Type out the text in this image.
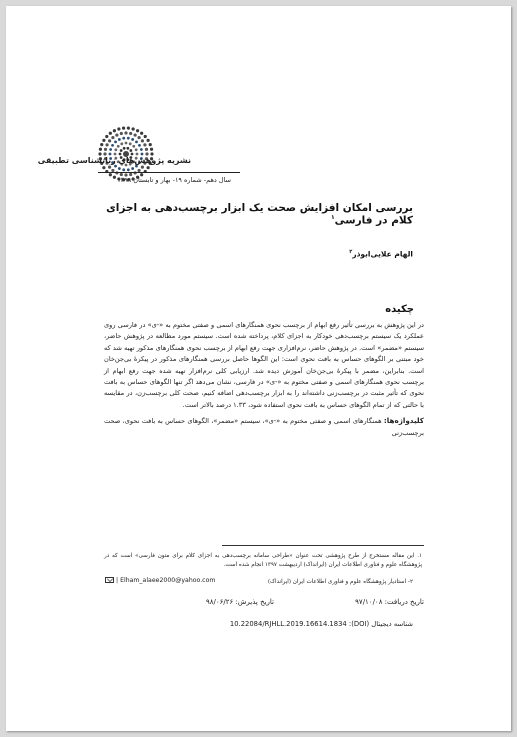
نشریه پژوهش‌های زبانشناسی تطبیقی
سال دهم- شماره ۱۹- بهار و تابستان ۱۳۹۹
بررسی امکان افزایش صحت یک ابزار برچسب‌دهی به اجزای کلام در فارسی$^۱$
الهام علایی‌ابوذر$^۲$
چکیده
در این پژوهش به بررسی تأثیر رفع ابهام از برچسب نحوی همنگارهای اسمی و صفتی مختوم به «-ی» در فارسی روی عملکرد یک سیستم برچسب‌دهی خودکار به اجزای کلام، پرداخته شده است. سیستم مورد مطالعه در پژوهش حاضر، سیستم «مضمر» است. در پژوهش حاضر، نرم‌افزاری جهت رفع ابهام از برچسب نحوی همنگارهای مذکور تهیه شد که خود مبتنی بر الگوهای حساس به بافت نحوی است: این الگوها حاصل بررسی همنگارهای مذکور در پیکرهٔ بی‌جن‌خان است. بنابراین، مضمر با پیکرهٔ بی‌جن‌خان آموزش دیده شد. ارزیابی کلی نرم‌افزار تهیه شده جهت رفع ابهام از برچسب نحوی همنگارهای اسمی و صفتی مختوم به «-ی» در فارسی، نشان می‌دهد اگر تنها الگوهای حساس به بافت نحوی که تأثیر مثبت در برچسب‌زنی داشته‌اند را به ابزار برچسب‌دهی اضافه کنیم، صحت کلی برچسب‌زن، در مقایسه با حالتی که از تمام الگوهای حساس به بافت نحوی استفاده شود، ۱.۳۳ درصد بالاتر است.
کلیدواژه‌ها: همنگارهای اسمی و صفتی مختوم به «-ی»، سیستم «مضمر»، الگوهای حساس به بافت نحوی، صحت برچسب‌زنی
۱. این مقاله مستخرج از طرح پژوهشی تحت عنوان «طراحی سامانه برچسب‌دهی به اجزای کلام برای متون فارسی» است که در پژوهشگاه علوم و فناوری اطلاعات ایران (ایرانداک) اردیبهشت ۱۳۹۷ انجام شده است.
۲- استادیار پژوهشگاه علوم و فناوری اطلاعات ایران (ایرانداک)
| Elham_alaee2000@yahoo.com
تاریخ دریافت: ۹۷/۱۰/۰۸
تاریخ پذیرش: ۹۸/۰۶/۲۶
شناسه دیجیتال (DOI): 10.22084/RJHLL.2019.16614.1834
